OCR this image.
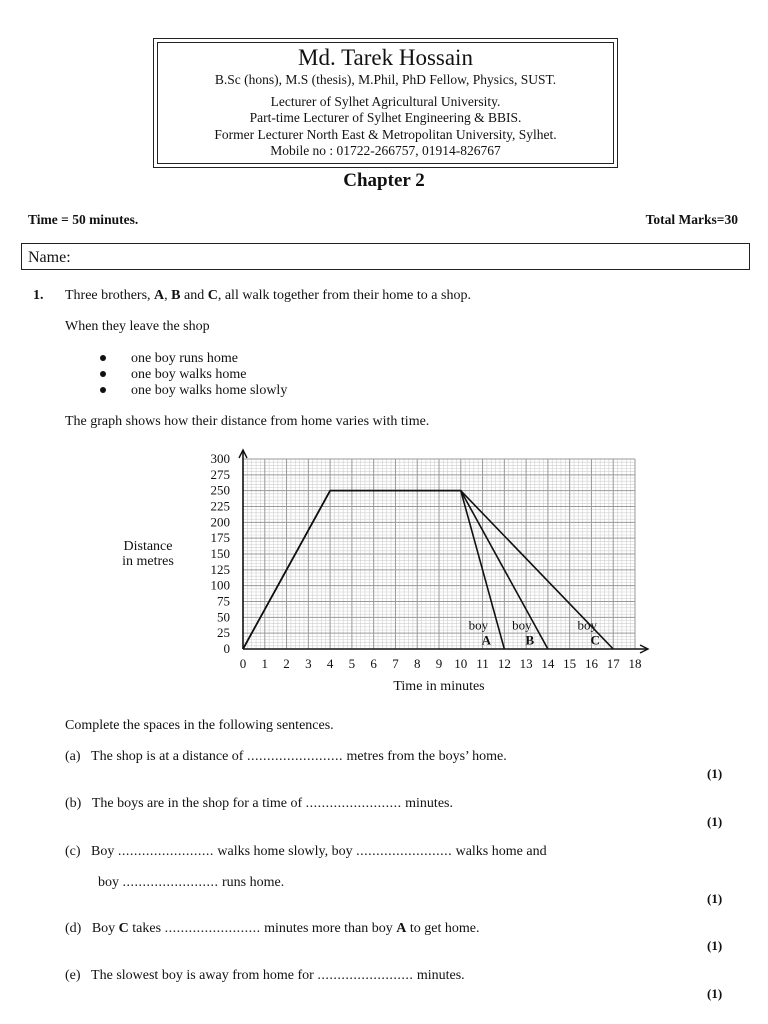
Md. Tarek Hossain
B.Sc (hons), M.S (thesis), M.Phil, PhD Fellow, Physics, SUST.
Lecturer of Sylhet Agricultural University.
Part-time Lecturer of Sylhet Engineering & BBIS.
Former Lecturer North East & Metropolitan University, Sylhet.
Mobile no : 01722-266757, 01914-826767
Chapter 2
Time = 50 minutes.	Total Marks=30
Name:
1. Three brothers, A, B and C, all walk together from their home to a shop.
When they leave the shop
one boy runs home
one boy walks home
one boy walks home slowly
The graph shows how their distance from home varies with time.
Distance
in metres
0
25
50
75
100
125
150
175
200
225
250
275
300
0 1 2 3 4 5 6 7 8 9 10 11 12 13 14 15 16 17 18
Time in minutes
boy
A
boy
B
boy
C
Complete the spaces in the following sentences.
(a) The shop is at a distance of ........................ metres from the boys’ home.
(1)
(b) The boys are in the shop for a time of ........................ minutes.
(1)
(c) Boy ........................ walks home slowly, boy ........................ walks home and
boy ........................ runs home.
(1)
(d) Boy C takes ........................ minutes more than boy A to get home.
(1)
(e) The slowest boy is away from home for ........................ minutes.
(1)
